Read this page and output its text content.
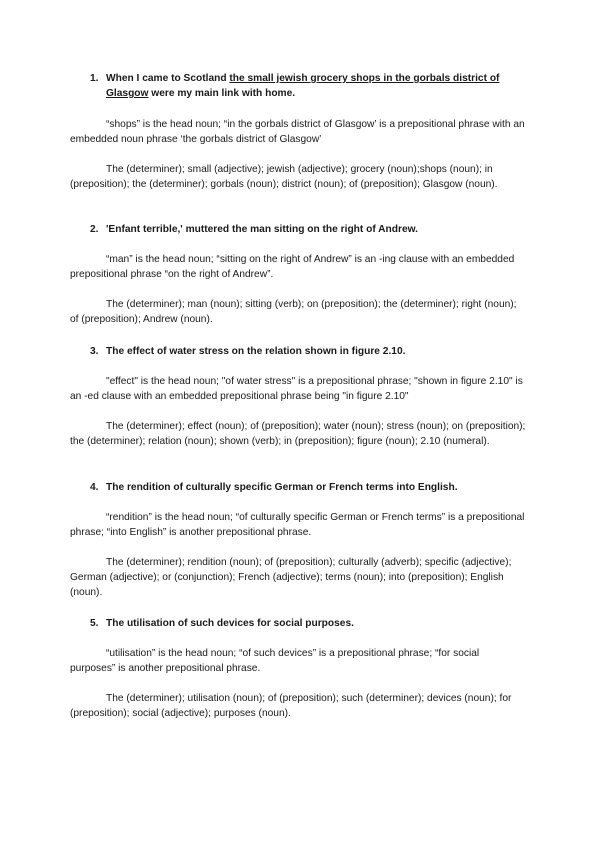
1. When I came to Scotland the small jewish grocery shops in the gorbals district of Glasgow were my main link with home.

“shops” is the head noun; “in the gorbals district of Glasgow’ is a prepositional phrase with an embedded noun phrase ‘the gorbals district of Glasgow’

The (determiner); small (adjective); jewish (adjective); grocery (noun);shops (noun); in (preposition); the (determiner); gorbals (noun); district (noun); of (preposition); Glasgow (noun).

2. 'Enfant terrible,' muttered the man sitting on the right of Andrew.

“man” is the head noun; “sitting on the right of Andrew” is an -ing clause with an embedded prepositional phrase “on the right of Andrew”.

The (determiner); man (noun); sitting (verb); on (preposition); the (determiner); right (noun); of (preposition); Andrew (noun).

3. The effect of water stress on the relation shown in figure 2.10.

"effect" is the head noun; "of water stress" is a prepositional phrase; "shown in figure 2.10" is an -ed clause with an embedded prepositional phrase being "in figure 2.10"

The (determiner); effect (noun); of (preposition); water (noun); stress (noun); on (preposition); the (determiner); relation (noun); shown (verb); in (preposition); figure (noun); 2.10 (numeral).

4. The rendition of culturally specific German or French terms into English.

“rendition” is the head noun; “of culturally specific German or French terms” is a prepositional phrase; “into English” is another prepositional phrase.

The (determiner); rendition (noun); of (preposition); culturally (adverb); specific (adjective); German (adjective); or (conjunction); French (adjective); terms (noun); into (preposition); English (noun).

5. The utilisation of such devices for social purposes.

“utilisation” is the head noun; “of such devices” is a prepositional phrase; “for social purposes” is another prepositional phrase.

The (determiner); utilisation (noun); of (preposition); such (determiner); devices (noun); for (preposition); social (adjective); purposes (noun).
